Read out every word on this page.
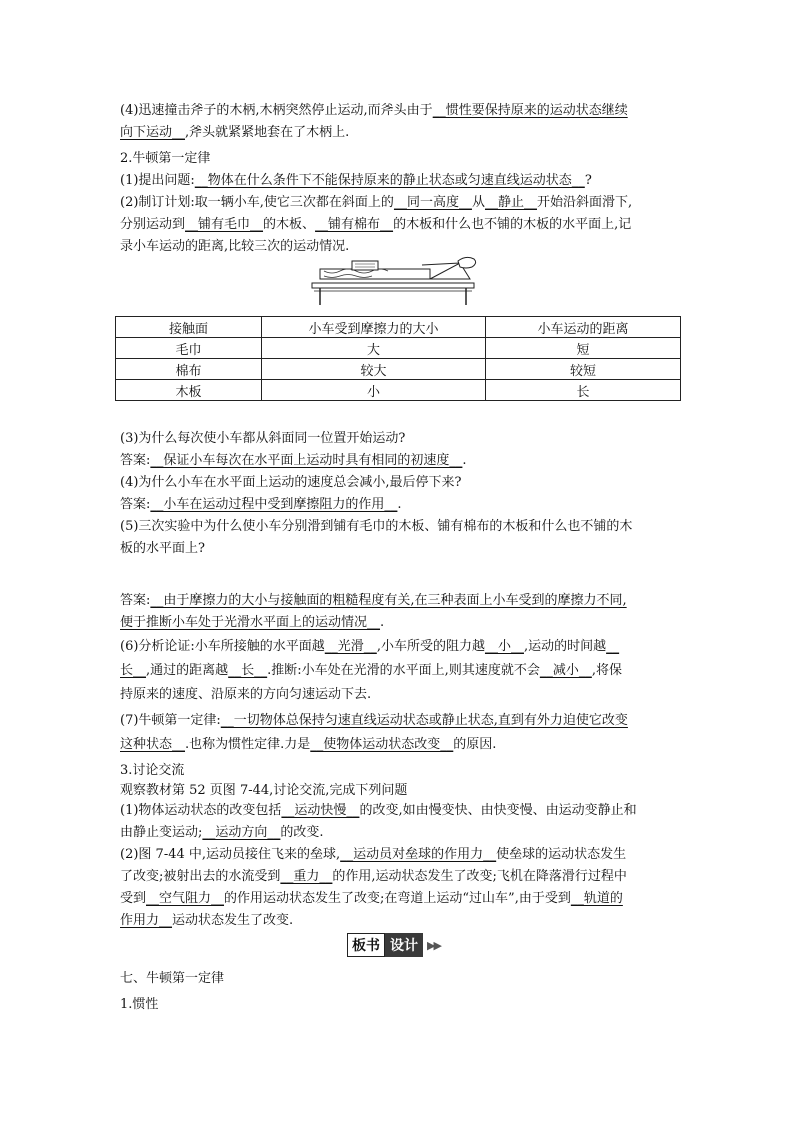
(4)迅速撞击斧子的木柄,木柄突然停止运动,而斧头由于__惯性要保持原来的运动状态继续
向下运动__,斧头就紧紧地套在了木柄上.
2.牛顿第一定律
(1)提出问题:__物体在什么条件下不能保持原来的静止状态或匀速直线运动状态__?
(2)制订计划:取一辆小车,使它三次都在斜面上的__同一高度__从__静止__开始沿斜面滑下,
分别运动到__铺有毛巾__的木板、__铺有棉布__的木板和什么也不铺的木板的水平面上,记
录小车运动的距离,比较三次的运动情况.
(3)为什么每次使小车都从斜面同一位置开始运动?
答案:__保证小车每次在水平面上运动时具有相同的初速度__.
(4)为什么小车在水平面上运动的速度总会减小,最后停下来?
答案:__小车在运动过程中受到摩擦阻力的作用__.
(5)三次实验中为什么使小车分别滑到铺有毛巾的木板、铺有棉布的木板和什么也不铺的木
板的水平面上?
答案:__由于摩擦力的大小与接触面的粗糙程度有关,在三种表面上小车受到的摩擦力不同,
便于推断小车处于光滑水平面上的运动情况__.
(6)分析论证:小车所接触的水平面越__光滑__,小车所受的阻力越__小__,运动的时间越__
长__,通过的距离越__长__.推断:小车处在光滑的水平面上,则其速度就不会__减小__,将保
持原来的速度、沿原来的方向匀速运动下去.
(7)牛顿第一定律:__一切物体总保持匀速直线运动状态或静止状态,直到有外力迫使它改变
这种状态__.也称为惯性定律.力是__使物体运动状态改变__的原因.
3.讨论交流
观察教材第 52 页图 7-44,讨论交流,完成下列问题
(1)物体运动状态的改变包括__运动快慢__的改变,如由慢变快、由快变慢、由运动变静止和
由静止变运动;__运动方向__的改变.
(2)图 7-44 中,运动员接住飞来的垒球,__运动员对垒球的作用力__使垒球的运动状态发生
了改变;被射出去的水流受到__重力__的作用,运动状态发生了改变;飞机在降落滑行过程中
受到__空气阻力__的作用运动状态发生了改变;在弯道上运动“过山车”,由于受到__轨道的
作用力__运动状态发生了改变.
七、牛顿第一定律
1.惯性
接触面	小车受到摩擦力的大小	小车运动的距离
毛巾	大	短
棉布	较大	较短
木板	小	长
板书 设计 ▶▶
